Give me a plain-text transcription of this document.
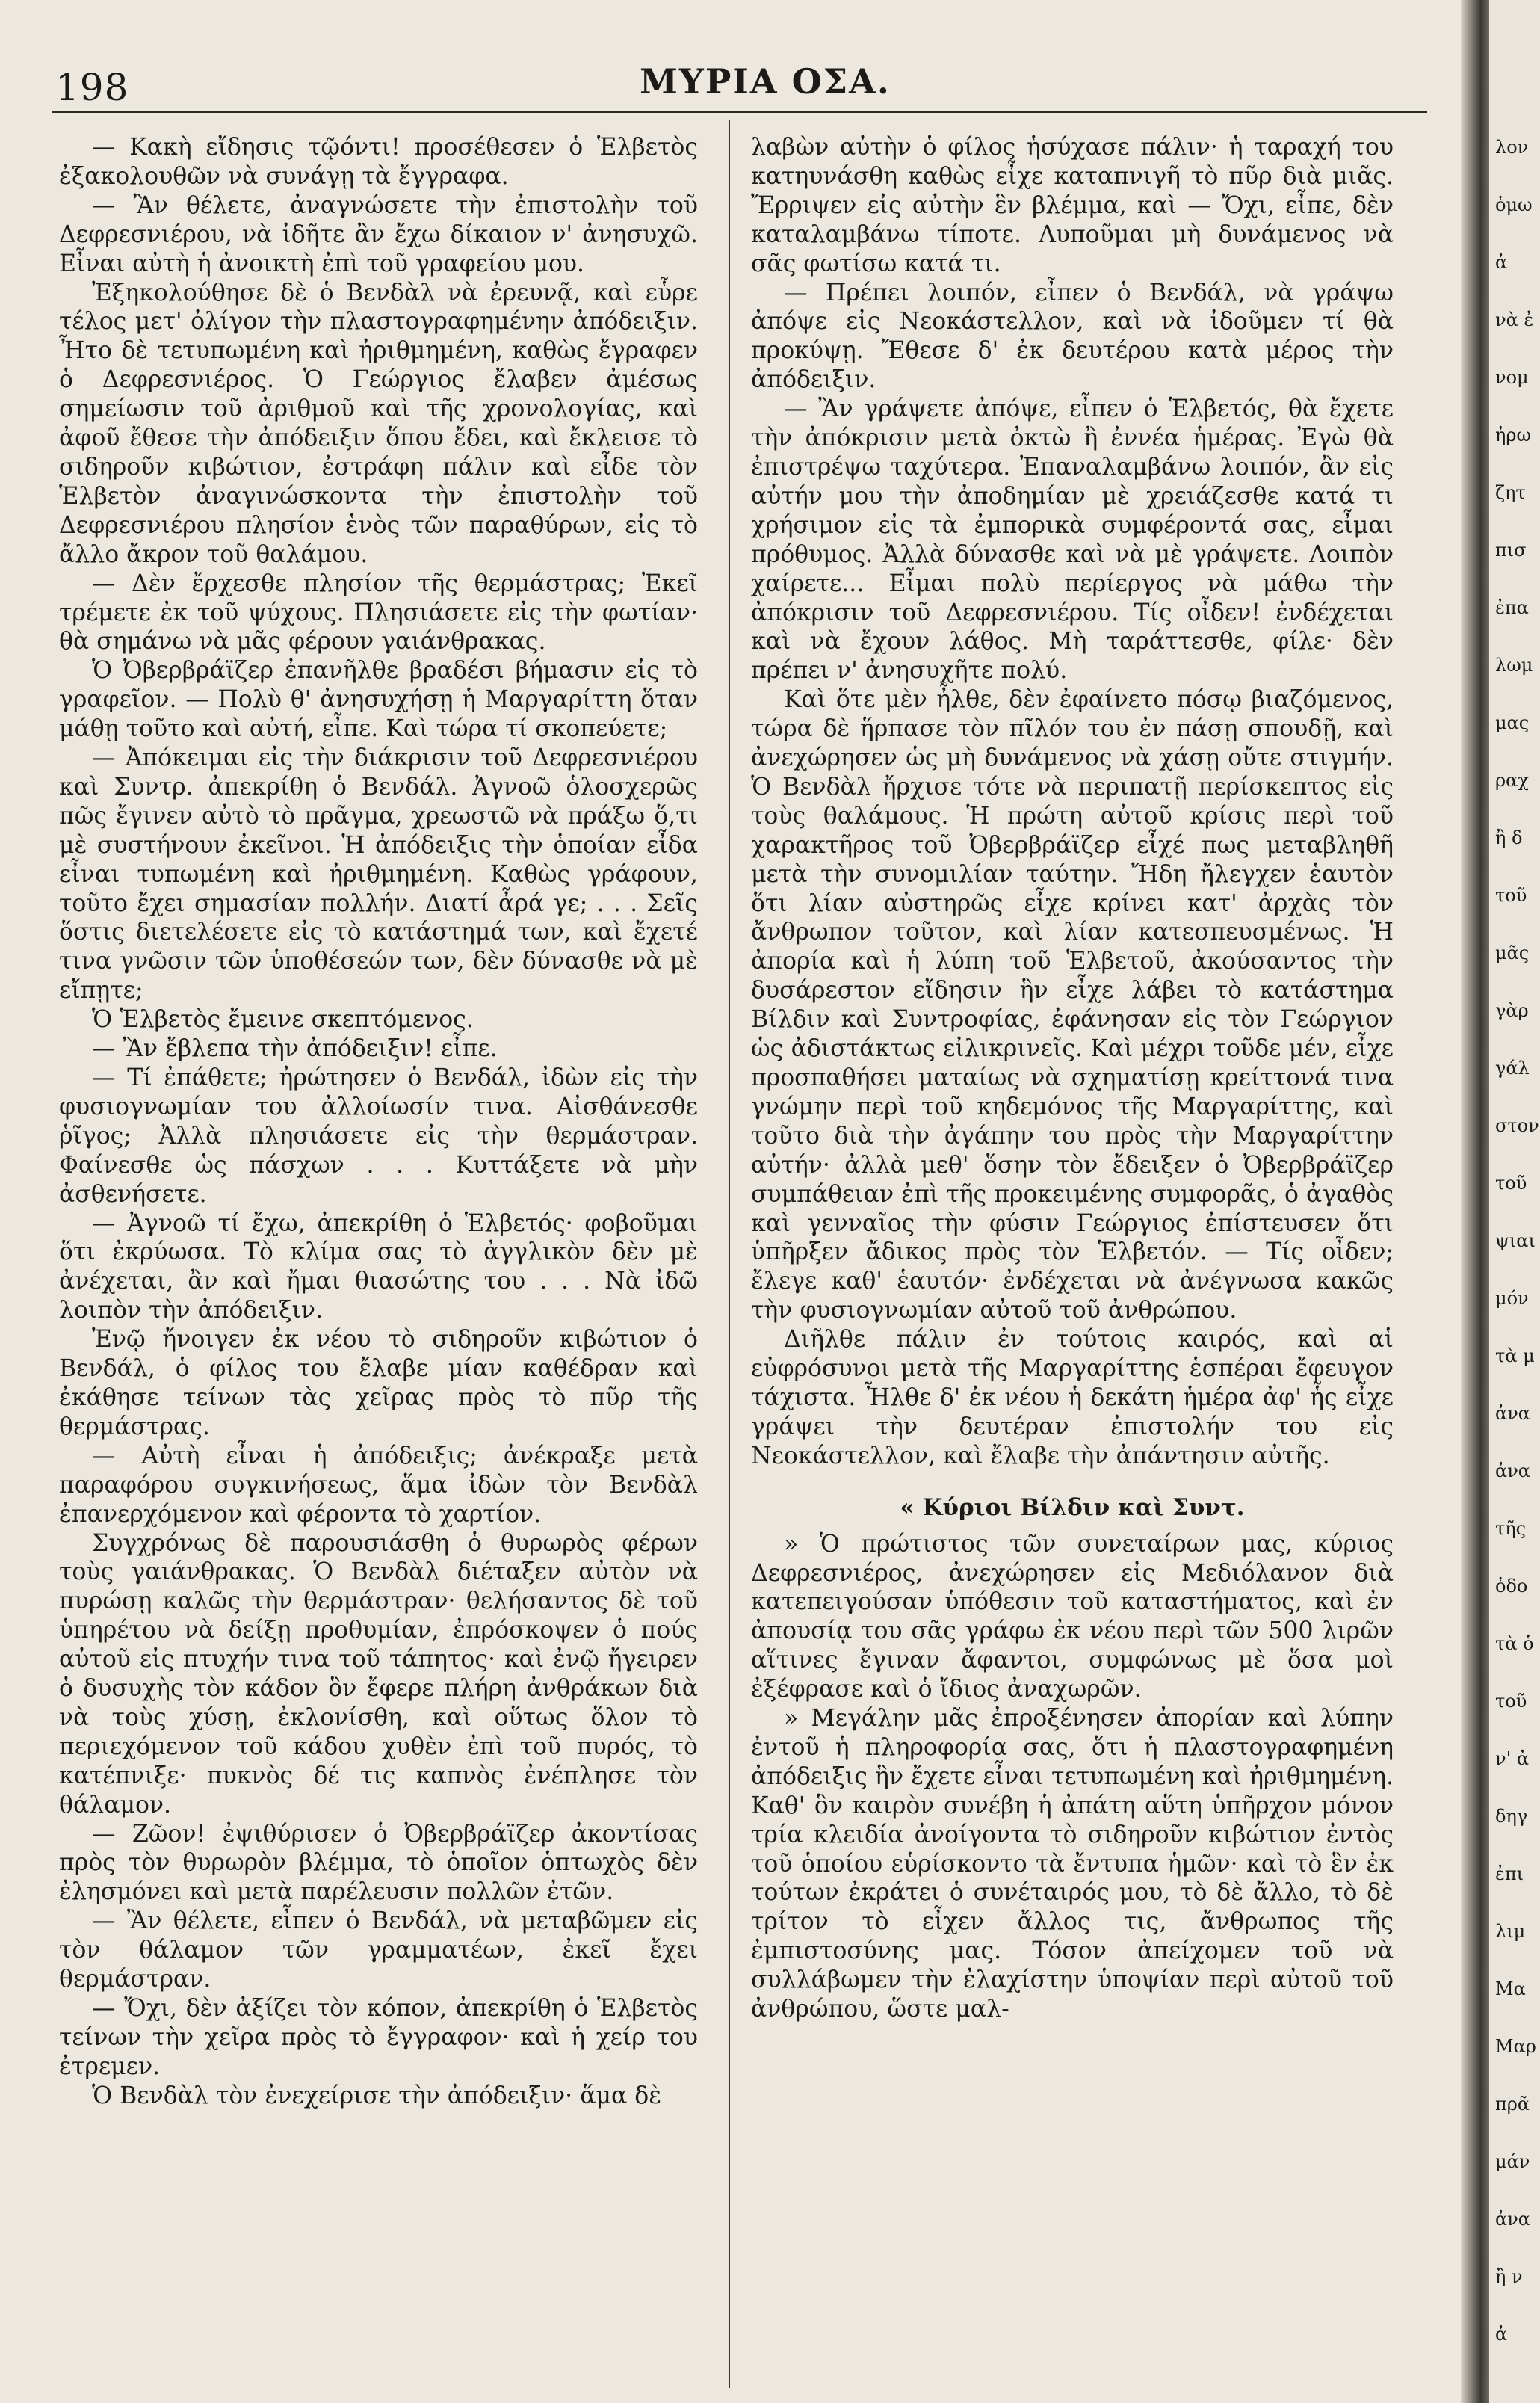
198	ΜΥΡΙΑ ΟΣΑ.

— Κακὴ εἴδησις τῷόντι! προσέθεσεν ὁ Ἑλβετὸς ἐξακολουθῶν νὰ συνάγῃ τὰ ἔγγραφα.

— Ἂν θέλετε, ἀναγνώσετε τὴν ἐπιστολὴν τοῦ Δεφρεσνιέρου, νὰ ἰδῆτε ἂν ἔχω δίκαιον ν' ἀνησυχῶ. Εἶναι αὐτὴ ἡ ἀνοικτὴ ἐπὶ τοῦ γραφείου μου.

Ἐξηκολούθησε δὲ ὁ Βενδὰλ νὰ ἐρευνᾷ, καὶ εὗρε τέλος μετ' ὀλίγον τὴν πλαστογραφημένην ἀπόδειξιν. Ἦτο δὲ τετυπωμένη καὶ ἠριθμημένη, καθὼς ἔγραφεν ὁ Δεφρεσνιέρος. Ὁ Γεώργιος ἔλαβεν ἀμέσως σημείωσιν τοῦ ἀριθμοῦ καὶ τῆς χρονολογίας, καὶ ἀφοῦ ἔθεσε τὴν ἀπόδειξιν ὅπου ἔδει, καὶ ἔκλεισε τὸ σιδηροῦν κιβώτιον, ἐστράφη πάλιν καὶ εἶδε τὸν Ἑλβετὸν ἀναγινώσκοντα τὴν ἐπιστολὴν τοῦ Δεφρεσνιέρου πλησίον ἑνὸς τῶν παραθύρων, εἰς τὸ ἄλλο ἄκρον τοῦ θαλάμου.

— Δὲν ἔρχεσθε πλησίον τῆς θερμάστρας; Ἐκεῖ τρέμετε ἐκ τοῦ ψύχους. Πλησιάσετε εἰς τὴν φωτίαν· θὰ σημάνω νὰ μᾶς φέρουν γαιάνθρακας.

Ὁ Ὀβερβράϊζερ ἐπανῆλθε βραδέσι βήμασιν εἰς τὸ γραφεῖον. — Πολὺ θ' ἀνησυχήσῃ ἡ Μαργαρίττη ὅταν μάθῃ τοῦτο καὶ αὐτή, εἶπε. Καὶ τώρα τί σκοπεύετε;

— Ἀπόκειμαι εἰς τὴν διάκρισιν τοῦ Δεφρεσνιέρου καὶ Συντρ. ἀπεκρίθη ὁ Βενδάλ. Ἀγνοῶ ὁλοσχερῶς πῶς ἔγινεν αὐτὸ τὸ πρᾶγμα, χρεωστῶ νὰ πράξω ὅ,τι μὲ συστήνουν ἐκεῖνοι. Ἡ ἀπόδειξις τὴν ὁποίαν εἶδα εἶναι τυπωμένη καὶ ἠριθμημένη. Καθὼς γράφουν, τοῦτο ἔχει σημασίαν πολλήν. Διατί ἆρά γε; . . . Σεῖς ὅστις διετελέσετε εἰς τὸ κατάστημά των, καὶ ἔχετέ τινα γνῶσιν τῶν ὑποθέσεών των, δὲν δύνασθε νὰ μὲ εἴπῃτε;

Ὁ Ἑλβετὸς ἔμεινε σκεπτόμενος.

— Ἂν ἔβλεπα τὴν ἀπόδειξιν! εἶπε.

— Τί ἐπάθετε; ἠρώτησεν ὁ Βενδάλ, ἰδὼν εἰς τὴν φυσιογνωμίαν του ἀλλοίωσίν τινα. Αἰσθάνεσθε ῥῖγος; Ἀλλὰ πλησιάσετε εἰς τὴν θερμάστραν. Φαίνεσθε ὡς πάσχων . . . Κυττάξετε νὰ μὴν ἀσθενήσετε.

— Ἀγνοῶ τί ἔχω, ἀπεκρίθη ὁ Ἑλβετός· φοβοῦμαι ὅτι ἐκρύωσα. Τὸ κλίμα σας τὸ ἀγγλικὸν δὲν μὲ ἀνέχεται, ἂν καὶ ἤμαι θιασώτης του . . . Νὰ ἰδῶ λοιπὸν τὴν ἀπόδειξιν.

Ἐνῷ ἤνοιγεν ἐκ νέου τὸ σιδηροῦν κιβώτιον ὁ Βενδάλ, ὁ φίλος του ἔλαβε μίαν καθέδραν καὶ ἐκάθησε τείνων τὰς χεῖρας πρὸς τὸ πῦρ τῆς θερμάστρας.

— Αὐτὴ εἶναι ἡ ἀπόδειξις; ἀνέκραξε μετὰ παραφόρου συγκινήσεως, ἅμα ἰδὼν τὸν Βενδὰλ ἐπανερχόμενον καὶ φέροντα τὸ χαρτίον.

Συγχρόνως δὲ παρουσιάσθη ὁ θυρωρὸς φέρων τοὺς γαιάνθρακας. Ὁ Βενδὰλ διέταξεν αὐτὸν νὰ πυρώσῃ καλῶς τὴν θερμάστραν· θελήσαντος δὲ τοῦ ὑπηρέτου νὰ δείξῃ προθυμίαν, ἐπρόσκοψεν ὁ πούς αὐτοῦ εἰς πτυχήν τινα τοῦ τάπητος· καὶ ἐνῷ ἤγειρεν ὁ δυσυχὴς τὸν κάδον ὃν ἔφερε πλήρη ἀνθράκων διὰ νὰ τοὺς χύσῃ, ἐκλονίσθη, καὶ οὕτως ὅλον τὸ περιεχόμενον τοῦ κάδου χυθὲν ἐπὶ τοῦ πυρός, τὸ κατέπνιξε· πυκνὸς δέ τις καπνὸς ἐνέπλησε τὸν θάλαμον.

— Ζῶον! ἐψιθύρισεν ὁ Ὀβερβράϊζερ ἀκοντίσας πρὸς τὸν θυρωρὸν βλέμμα, τὸ ὁποῖον ὁπτωχὸς δὲν ἐλησμόνει καὶ μετὰ παρέλευσιν πολλῶν ἐτῶν.

— Ἂν θέλετε, εἶπεν ὁ Βενδάλ, νὰ μεταβῶμεν εἰς τὸν θάλαμον τῶν γραμματέων, ἐκεῖ ἔχει θερμάστραν.

— Ὄχι, δὲν ἀξίζει τὸν κόπον, ἀπεκρίθη ὁ Ἑλβετὸς τείνων τὴν χεῖρα πρὸς τὸ ἔγγραφον· καὶ ἡ χείρ του ἐτρεμεν.

Ὁ Βενδὰλ τὸν ἐνεχείρισε τὴν ἀπόδειξιν· ἅμα δὲ

λαβὼν αὐτὴν ὁ φίλος ἡσύχασε πάλιν· ἡ ταραχή του κατηυνάσθη καθὼς εἶχε καταπνιγῆ τὸ πῦρ διὰ μιᾶς. Ἔρριψεν εἰς αὐτὴν ἓν βλέμμα, καὶ — Ὄχι, εἶπε, δὲν καταλαμβάνω τίποτε. Λυποῦμαι μὴ δυνάμενος νὰ σᾶς φωτίσω κατά τι.

— Πρέπει λοιπόν, εἶπεν ὁ Βενδάλ, νὰ γράψω ἀπόψε εἰς Νεοκάστελλον, καὶ νὰ ἰδοῦμεν τί θὰ προκύψῃ. Ἔθεσε δ' ἐκ δευτέρου κατὰ μέρος τὴν ἀπόδειξιν.

— Ἂν γράψετε ἀπόψε, εἶπεν ὁ Ἑλβετός, θὰ ἔχετε τὴν ἀπόκρισιν μετὰ ὀκτὼ ἢ ἐννέα ἡμέρας. Ἐγὼ θὰ ἐπιστρέψω ταχύτερα. Ἐπαναλαμβάνω λοιπόν, ἂν εἰς αὐτήν μου τὴν ἀποδημίαν μὲ χρειάζεσθε κατά τι χρήσιμον εἰς τὰ ἐμπορικὰ συμφέροντά σας, εἶμαι πρόθυμος. Ἀλλὰ δύνασθε καὶ νὰ μὲ γράψετε. Λοιπὸν χαίρετε... Εἶμαι πολὺ περίεργος νὰ μάθω τὴν ἀπόκρισιν τοῦ Δεφρεσνιέρου. Τίς οἶδεν! ἐνδέχεται καὶ νὰ ἔχουν λάθος. Μὴ ταράττεσθε, φίλε· δὲν πρέπει ν' ἀνησυχῆτε πολύ.

Καὶ ὅτε μὲν ἦλθε, δὲν ἐφαίνετο πόσῳ βιαζόμενος, τώρα δὲ ἥρπασε τὸν πῖλόν του ἐν πάσῃ σπουδῇ, καὶ ἀνεχώρησεν ὡς μὴ δυνάμενος νὰ χάσῃ οὔτε στιγμήν. Ὁ Βενδὰλ ἤρχισε τότε νὰ περιπατῇ περίσκεπτος εἰς τοὺς θαλάμους. Ἡ πρώτη αὐτοῦ κρίσις περὶ τοῦ χαρακτῆρος τοῦ Ὀβερβράϊζερ εἶχέ πως μεταβληθῆ μετὰ τὴν συνομιλίαν ταύτην. Ἤδη ἤλεγχεν ἑαυτὸν ὅτι λίαν αὐστηρῶς εἶχε κρίνει κατ' ἀρχὰς τὸν ἄνθρωπον τοῦτον, καὶ λίαν κατεσπευσμένως. Ἡ ἀπορία καὶ ἡ λύπη τοῦ Ἑλβετοῦ, ἀκούσαντος τὴν δυσάρεστον εἴδησιν ἣν εἶχε λάβει τὸ κατάστημα Βίλδιν καὶ Συντροφίας, ἐφάνησαν εἰς τὸν Γεώργιον ὡς ἀδιστάκτως εἰλικρινεῖς. Καὶ μέχρι τοῦδε μέν, εἶχε προσπαθήσει ματαίως νὰ σχηματίσῃ κρείττονά τινα γνώμην περὶ τοῦ κηδεμόνος τῆς Μαργαρίττης, καὶ τοῦτο διὰ τὴν ἀγάπην του πρὸς τὴν Μαργαρίττην αὐτήν· ἀλλὰ μεθ' ὅσην τὸν ἔδειξεν ὁ Ὀβερβράϊζερ συμπάθειαν ἐπὶ τῆς προκειμένης συμφορᾶς, ὁ ἀγαθὸς καὶ γενναῖος τὴν φύσιν Γεώργιος ἐπίστευσεν ὅτι ὑπῆρξεν ἄδικος πρὸς τὸν Ἑλβετόν. — Τίς οἶδεν; ἔλεγε καθ' ἑαυτόν· ἐνδέχεται νὰ ἀνέγνωσα κακῶς τὴν φυσιογνωμίαν αὐτοῦ τοῦ ἀνθρώπου.

Διῆλθε πάλιν ἐν τούτοις καιρός, καὶ αἱ εὐφρόσυνοι μετὰ τῆς Μαργαρίττης ἑσπέραι ἔφευγον τάχιστα. Ἦλθε δ' ἐκ νέου ἡ δεκάτη ἡμέρα ἀφ' ἧς εἶχε γράψει τὴν δευτέραν ἐπιστολήν του εἰς Νεοκάστελλον, καὶ ἔλαβε τὴν ἀπάντησιν αὐτῆς.

« Κύριοι Βίλδιν καὶ Συντ.

» Ὁ πρώτιστος τῶν συνεταίρων μας, κύριος Δεφρεσνιέρος, ἀνεχώρησεν εἰς Μεδιόλανον διὰ κατεπειγούσαν ὑπόθεσιν τοῦ καταστήματος, καὶ ἐν ἀπουσίᾳ του σᾶς γράφω ἐκ νέου περὶ τῶν 500 λιρῶν αἵτινες ἔγιναν ἄφαντοι, συμφώνως μὲ ὅσα μοὶ ἐξέφρασε καὶ ὁ ἴδιος ἀναχωρῶν.

» Μεγάλην μᾶς ἐπροξένησεν ἀπορίαν καὶ λύπην ἐντοῦ ἡ πληροφορία σας, ὅτι ἡ πλαστογραφημένη ἀπόδειξις ἣν ἔχετε εἶναι τετυπωμένη καὶ ἠριθμημένη. Καθ' ὃν καιρὸν συνέβη ἡ ἀπάτη αὕτη ὑπῆρχον μόνον τρία κλειδία ἀνοίγοντα τὸ σιδηροῦν κιβώτιον ἐντὸς τοῦ ὁποίου εὑρίσκοντο τὰ ἔντυπα ἡμῶν· καὶ τὸ ἓν ἐκ τούτων ἐκράτει ὁ συνέταιρός μου, τὸ δὲ ἄλλο, τὸ δὲ τρίτον τὸ εἶχεν ἄλλος τις, ἄνθρωπος τῆς ἐμπιστοσύνης μας. Τόσον ἀπείχομεν τοῦ νὰ συλλάβωμεν τὴν ἐλαχίστην ὑποψίαν περὶ αὐτοῦ τοῦ ἀνθρώπου, ὥστε μαλ-

λον
ὁμω
ἀ
νὰ ἐ
νομ
ἠρω
ζητ
πισ
ἐπα
λωμ
μας
ραχ
ἢ δ
τοῦ
μᾶς
γὰρ
γάλ
στον
τοῦ
ψιαι
μόν
τὰ μ
ἀνα
ἀνα
τῆς
ὁδο
τὰ ὁ
τοῦ
ν' ἀ
δηγ
ἐπι
λιμ
Μα
Μαρ
πρᾶ
μάν
ἀνα
ἢ ν
ἀ
